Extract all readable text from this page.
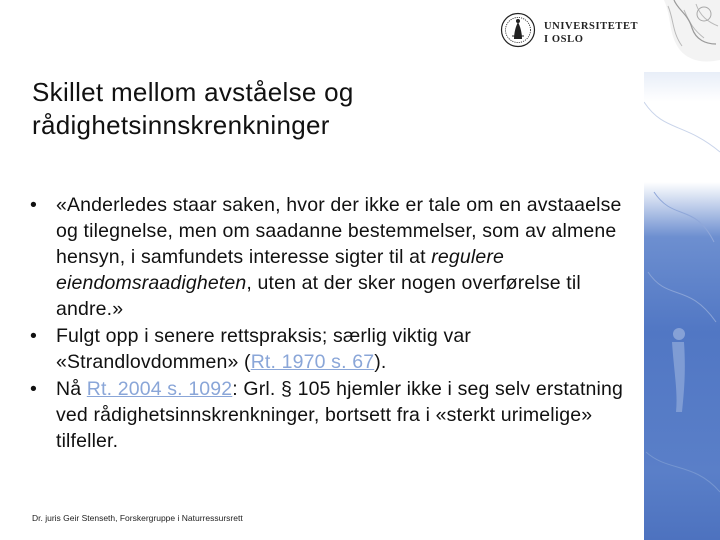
UNIVERSITETET
I OSLO
Skillet mellom avståelse og
rådighetsinnskrenkninger
• «Anderledes staar saken, hvor der ikke er tale om en avstaaelse og tilegnelse, men om saadanne bestemmelser, som av almene hensyn, i samfundets interesse sigter til at regulere eiendomsraadigheten, uten at der sker nogen overførelse til andre.»
• Fulgt opp i senere rettspraksis; særlig viktig var «Strandlovdommen» (Rt. 1970 s. 67).
• Nå Rt. 2004 s. 1092: Grl. § 105 hjemler ikke i seg selv erstatning ved rådighetsinnskrenkninger, bortsett fra i «sterkt urimelige» tilfeller.
Dr. juris Geir Stenseth, Forskergruppe i Naturressursrett
